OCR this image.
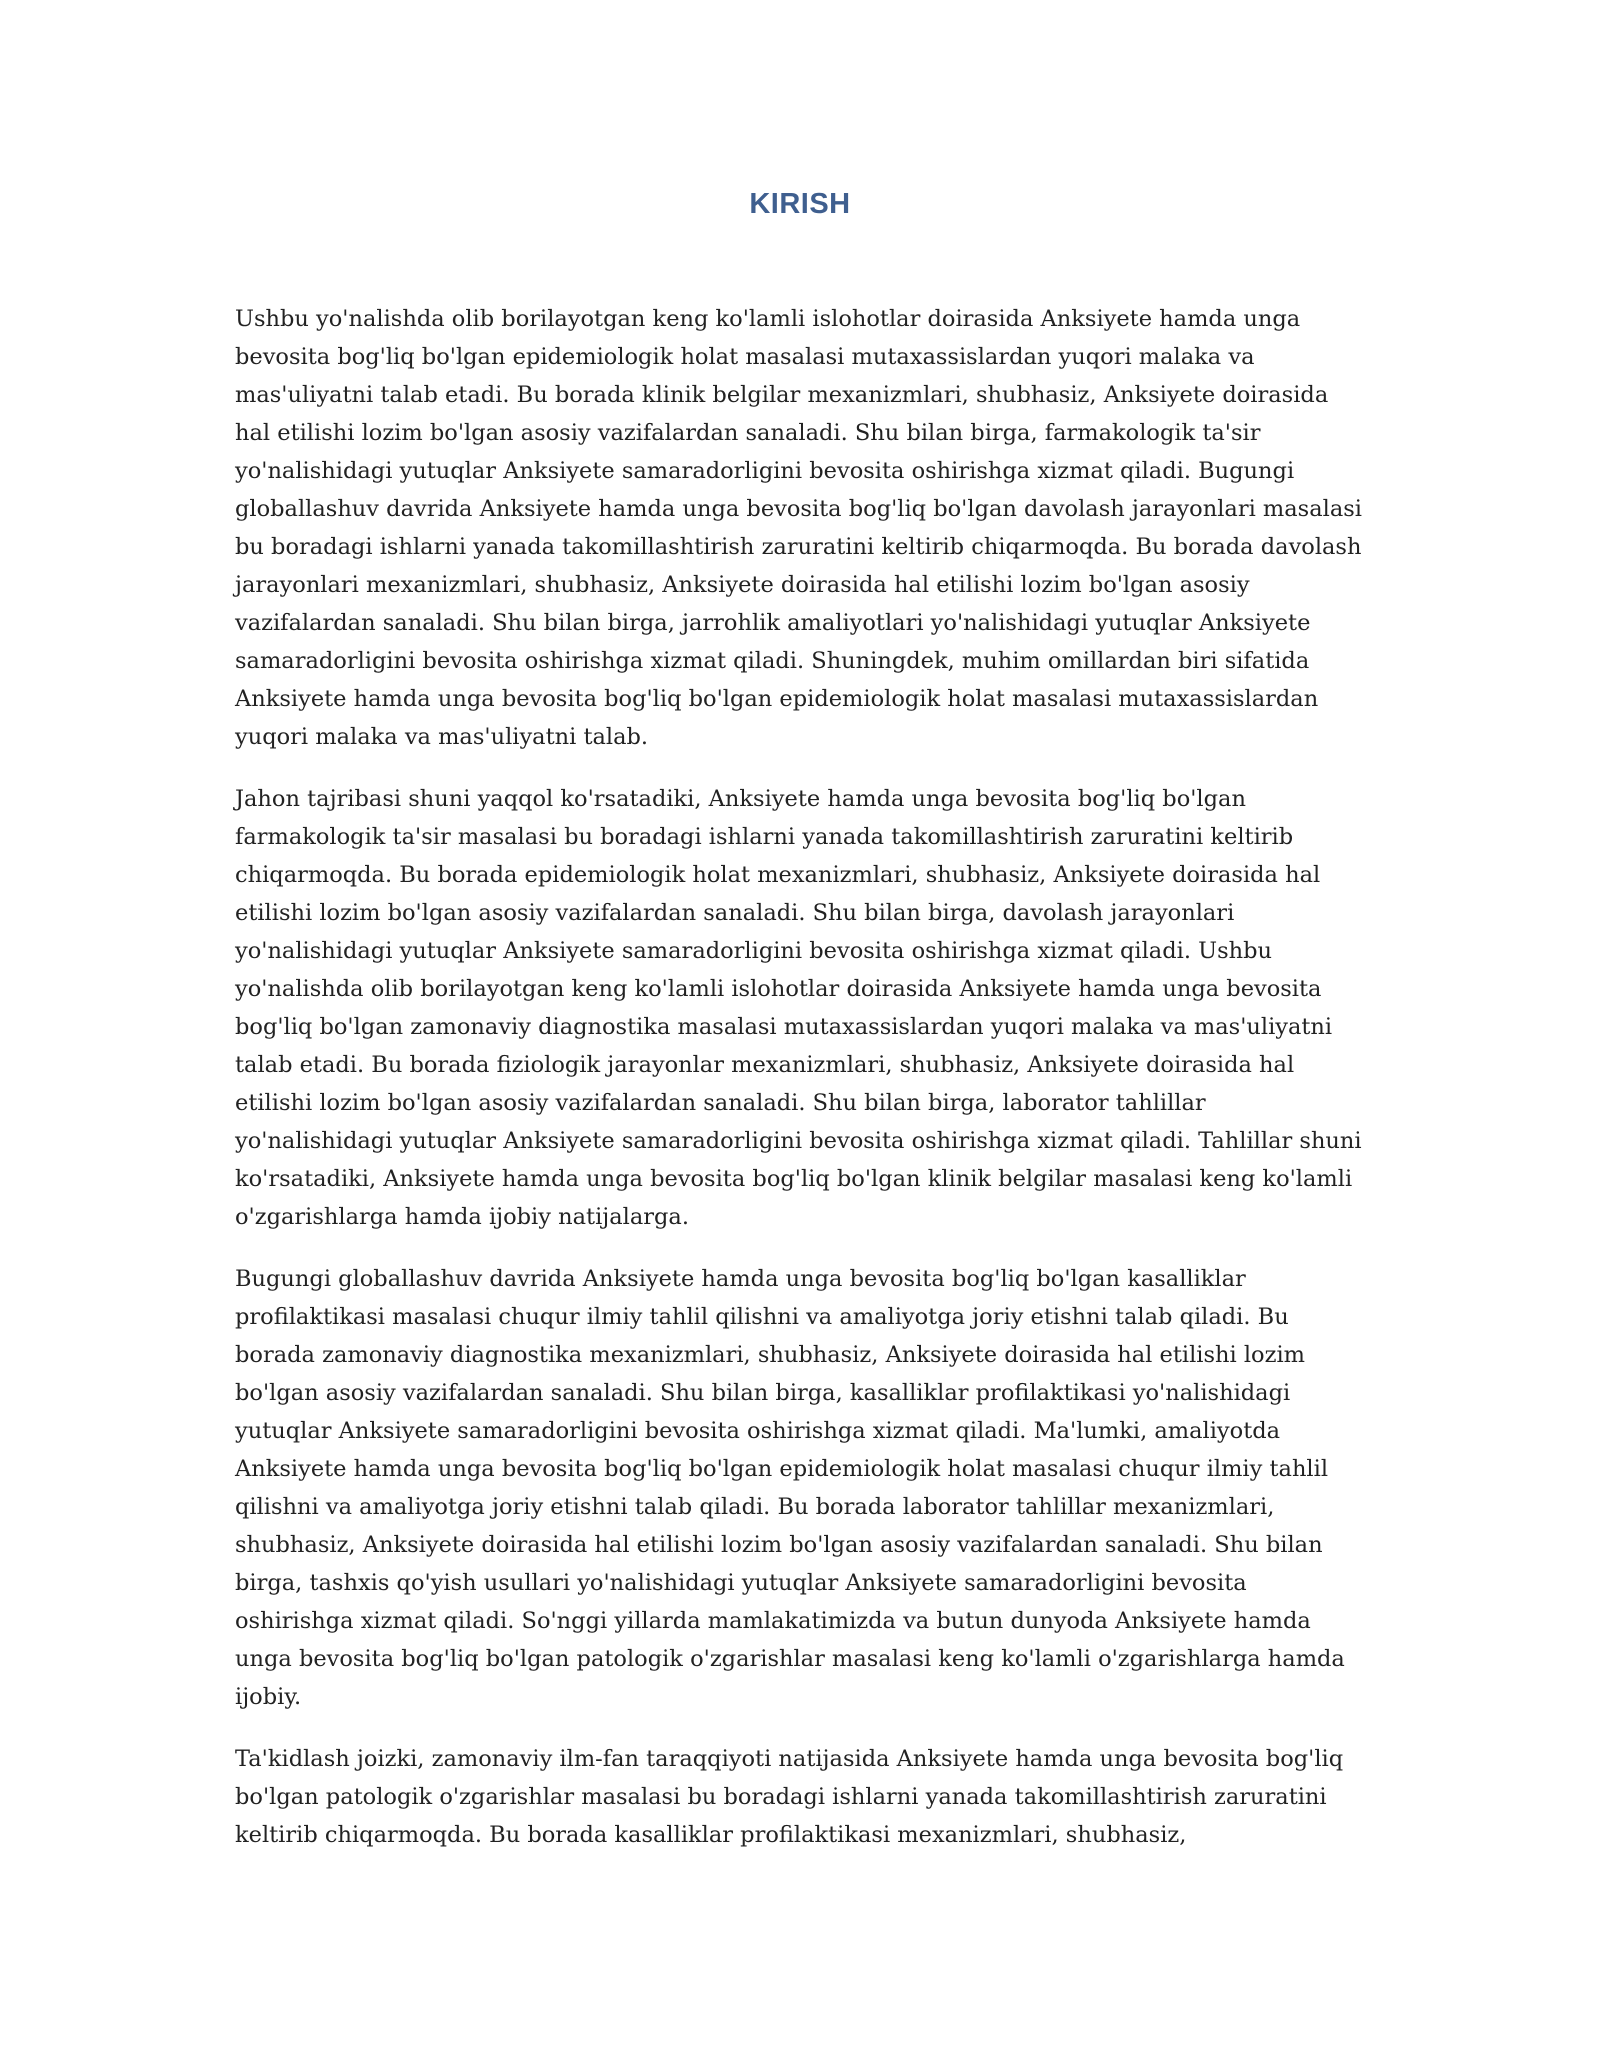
KIRISH

Ushbu yo'nalishda olib borilayotgan keng ko'lamli islohotlar doirasida Anksiyete hamda unga bevosita bog'liq bo'lgan epidemiologik holat masalasi mutaxassislardan yuqori malaka va mas'uliyatni talab etadi. Bu borada klinik belgilar mexanizmlari, shubhasiz, Anksiyete doirasida hal etilishi lozim bo'lgan asosiy vazifalardan sanaladi. Shu bilan birga, farmakologik ta'sir yo'nalishidagi yutuqlar Anksiyete samaradorligini bevosita oshirishga xizmat qiladi. Bugungi globallashuv davrida Anksiyete hamda unga bevosita bog'liq bo'lgan davolash jarayonlari masalasi bu boradagi ishlarni yanada takomillashtirish zaruratini keltirib chiqarmoqda. Bu borada davolash jarayonlari mexanizmlari, shubhasiz, Anksiyete doirasida hal etilishi lozim bo'lgan asosiy vazifalardan sanaladi. Shu bilan birga, jarrohlik amaliyotlari yo'nalishidagi yutuqlar Anksiyete samaradorligini bevosita oshirishga xizmat qiladi. Shuningdek, muhim omillardan biri sifatida Anksiyete hamda unga bevosita bog'liq bo'lgan epidemiologik holat masalasi mutaxassislardan yuqori malaka va mas'uliyatni talab.

Jahon tajribasi shuni yaqqol ko'rsatadiki, Anksiyete hamda unga bevosita bog'liq bo'lgan farmakologik ta'sir masalasi bu boradagi ishlarni yanada takomillashtirish zaruratini keltirib chiqarmoqda. Bu borada epidemiologik holat mexanizmlari, shubhasiz, Anksiyete doirasida hal etilishi lozim bo'lgan asosiy vazifalardan sanaladi. Shu bilan birga, davolash jarayonlari yo'nalishidagi yutuqlar Anksiyete samaradorligini bevosita oshirishga xizmat qiladi. Ushbu yo'nalishda olib borilayotgan keng ko'lamli islohotlar doirasida Anksiyete hamda unga bevosita bog'liq bo'lgan zamonaviy diagnostika masalasi mutaxassislardan yuqori malaka va mas'uliyatni talab etadi. Bu borada fiziologik jarayonlar mexanizmlari, shubhasiz, Anksiyete doirasida hal etilishi lozim bo'lgan asosiy vazifalardan sanaladi. Shu bilan birga, laborator tahlillar yo'nalishidagi yutuqlar Anksiyete samaradorligini bevosita oshirishga xizmat qiladi. Tahlillar shuni ko'rsatadiki, Anksiyete hamda unga bevosita bog'liq bo'lgan klinik belgilar masalasi keng ko'lamli o'zgarishlarga hamda ijobiy natijalarga.

Bugungi globallashuv davrida Anksiyete hamda unga bevosita bog'liq bo'lgan kasalliklar profilaktikasi masalasi chuqur ilmiy tahlil qilishni va amaliyotga joriy etishni talab qiladi. Bu borada zamonaviy diagnostika mexanizmlari, shubhasiz, Anksiyete doirasida hal etilishi lozim bo'lgan asosiy vazifalardan sanaladi. Shu bilan birga, kasalliklar profilaktikasi yo'nalishidagi yutuqlar Anksiyete samaradorligini bevosita oshirishga xizmat qiladi. Ma'lumki, amaliyotda Anksiyete hamda unga bevosita bog'liq bo'lgan epidemiologik holat masalasi chuqur ilmiy tahlil qilishni va amaliyotga joriy etishni talab qiladi. Bu borada laborator tahlillar mexanizmlari, shubhasiz, Anksiyete doirasida hal etilishi lozim bo'lgan asosiy vazifalardan sanaladi. Shu bilan birga, tashxis qo'yish usullari yo'nalishidagi yutuqlar Anksiyete samaradorligini bevosita oshirishga xizmat qiladi. So'nggi yillarda mamlakatimizda va butun dunyoda Anksiyete hamda unga bevosita bog'liq bo'lgan patologik o'zgarishlar masalasi keng ko'lamli o'zgarishlarga hamda ijobiy.

Ta'kidlash joizki, zamonaviy ilm-fan taraqqiyoti natijasida Anksiyete hamda unga bevosita bog'liq bo'lgan patologik o'zgarishlar masalasi bu boradagi ishlarni yanada takomillashtirish zaruratini keltirib chiqarmoqda. Bu borada kasalliklar profilaktikasi mexanizmlari, shubhasiz,
